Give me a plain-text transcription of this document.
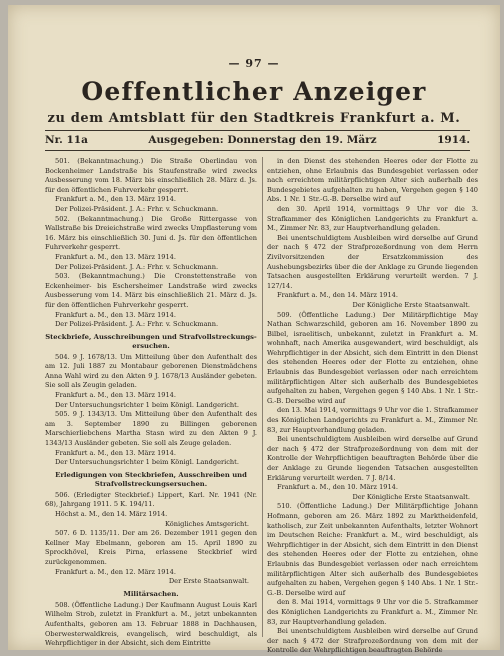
— 97 —
Oeffentlicher Anzeiger
zu dem Amtsblatt für den Stadtkreis Frankfurt a. M.
Nr. 11a	Ausgegeben: Donnerstag den 19. März	1914.
501. (Bekanntmachung.) Die Straße Oberlindau von Bockenheimer Landstraße bis Staufenstraße wird zwecks Ausbesserung vom 18. März bis einschließlich 28. März d. Js. für den öffentlichen Fuhrverkehr gesperrt.
Frankfurt a. M., den 13. März 1914.
Der Polizei-Präsident. J. A.: Frhr. v. Schuckmann.
502. (Bekanntmachung.) Die Große Rittergasse von Wallstraße bis Dreieichstraße wird zwecks Umpflasterung vom 16. März bis einschließlich 30. Juni d. Js. für den öffentlichen Fuhrverkehr gesperrt.
Frankfurt a. M., den 13. März 1914.
Der Polizei-Präsident. J. A.: Frhr. v. Schuckmann.
503. (Bekanntmachung.) Die Cronstettenstraße von Eckenheimer- bis Eschersheimer Landstraße wird zwecks Ausbesserung vom 14. März bis einschließlich 21. März d. Js. für den öffentlichen Fuhrverkehr gesperrt.
Frankfurt a. M., den 13. März 1914.
Der Polizei-Präsident. J. A.: Frhr. v. Schuckmann.
Steckbriefe, Ausschreibungen und Strafvollstreckungs-ersuchen.
504. 9 J. 1678/13. Um Mitteilung über den Aufenthalt des am 12. Juli 1887 zu Montabaur geborenen Dienstmädchens Anna Wahl wird zu den Akten 9 J. 1678/13 Ausländer gebeten. Sie soll als Zeugin geladen.
Frankfurt a. M., den 13. März 1914.
Der Untersuchungsrichter 1 beim Königl. Landgericht.
505. 9 J. 1343/13. Um Mitteilung über den Aufenthalt des am 3. September 1890 zu Billingen geborenen Marschierliebchens Martha Stasn wird zu den Akten 9 J. 1343/13 Ausländer gebeten. Sie soll als Zeuge geladen.
Frankfurt a. M., den 13. März 1914.
Der Untersuchungsrichter 1 beim Königl. Landgericht.
Erledigungen von Steckbriefen, Ausschreiben und Strafvollstreckungsersuchen.
506. (Erledigter Steckbrief.) Lippert, Karl. Nr. 1941 (Nr. 68), Jahrgang 1911. 5 K. 194/11.
Höchst a. M., den 14. März 1914.
Königliches Amtsgericht.
507. 6 D. 1135/11. Der am 26. Dezember 1911 gegen den Kellner May Ebelmann, geboren am 15. April 1890 zu Sprockhövel, Kreis Pirna, erlassene Steckbrief wird zurückgenommen.
Frankfurt a. M., den 12. März 1914.
Der Erste Staatsanwalt.
Militärsachen.
508. (Öffentliche Ladung.) Der Kaufmann August Louis Karl Wilhelm Strob, zuletzt in Frankfurt a. M., jetzt unbekannten Aufenthalts, geboren am 13. Februar 1888 in Dachhausen, Oberwesterwaldkreis, evangelisch, wird beschuldigt, als Wehrpflichtiger in der Absicht, sich dem Eintritte
in den Dienst des stehenden Heeres oder der Flotte zu entziehen, ohne Erlaubnis das Bundesgebiet verlassen oder nach erreichtem militärpflichtigen Alter sich außerhalb des Bundesgebietes aufgehalten zu haben, Vergehen gegen § 140 Abs. 1 Nr. 1 Str.-G.-B. Derselbe wird auf
den 30. April 1914, vormittags 9 Uhr vor die 3. Strafkammer des Königlichen Landgerichts zu Frankfurt a. M., Zimmer Nr. 83, zur Hauptverhandlung geladen.
Bei unentschuldigtem Ausbleiben wird derselbe auf Grund der nach § 472 der Strafprozeßordnung von dem Herrn Zivilvorsitzenden der Ersatzkommission des Aushebungsbezirks über die der Anklage zu Grunde liegenden Tatsachen ausgestellten Erklärung verurteilt werden. 7 J. 127/14.
Frankfurt a. M., den 14. März 1914.
Der Königliche Erste Staatsanwalt.
509. (Öffentliche Ladung.) Der Militärpflichtige May Nathan Schwarzschild, geboren am 16. November 1890 zu Bilbel, israelitisch, unbekannt, zuletzt in Frankfurt a. M. wohnhaft, nach Amerika ausgewandert, wird beschuldigt, als Wehrpflichtiger in der Absicht, sich dem Eintritt in den Dienst des stehenden Heeres oder der Flotte zu entziehen, ohne Erlaubnis das Bundesgebiet verlassen oder nach erreichtem militärpflichtigen Alter sich außerhalb des Bundesgebietes aufgehalten zu haben, Vergehen gegen § 140 Abs. 1 Nr. 1 Str.-G.-B. Derselbe wird auf
den 13. Mai 1914, vormittags 9 Uhr vor die 1. Strafkammer des Königlichen Landgerichts zu Frankfurt a. M., Zimmer Nr. 83, zur Hauptverhandlung geladen.
Bei unentschuldigtem Ausbleiben wird derselbe auf Grund der nach § 472 der Strafprozeßordnung von dem mit der Kontrolle der Wehrpflichtigen beauftragten Behörde über die der Anklage zu Grunde liegenden Tatsachen ausgestellten Erklärung verurteilt werden. 7 J. 8/14.
Frankfurt a. M., den 10. März 1914.
Der Königliche Erste Staatsanwalt.
510. (Öffentliche Ladung.) Der Militärpflichtige Johann Hofmann, geboren am 26. März 1892 zu Marktheidenfeld, katholisch, zur Zeit unbekannten Aufenthalts, letzter Wohnort im Deutschen Reiche: Frankfurt a. M., wird beschuldigt, als Wehrpflichtiger in der Absicht, sich dem Eintritt in den Dienst des stehenden Heeres oder der Flotte zu entziehen, ohne Erlaubnis das Bundesgebiet verlassen oder nach erreichtem militärpflichtigen Alter sich außerhalb des Bundesgebietes aufgehalten zu haben, Vergehen gegen § 140 Abs. 1 Nr. 1 Str.-G.-B. Derselbe wird auf
den 8. Mai 1914, vormittags 9 Uhr vor die 5. Strafkammer des Königlichen Landgerichts zu Frankfurt a. M., Zimmer Nr. 83, zur Hauptverhandlung geladen.
Bei unentschuldigtem Ausbleiben wird derselbe auf Grund der nach § 472 der Strafprozeßordnung von dem mit der Kontrolle der Wehrpflichtigen beauftragten Behörde
